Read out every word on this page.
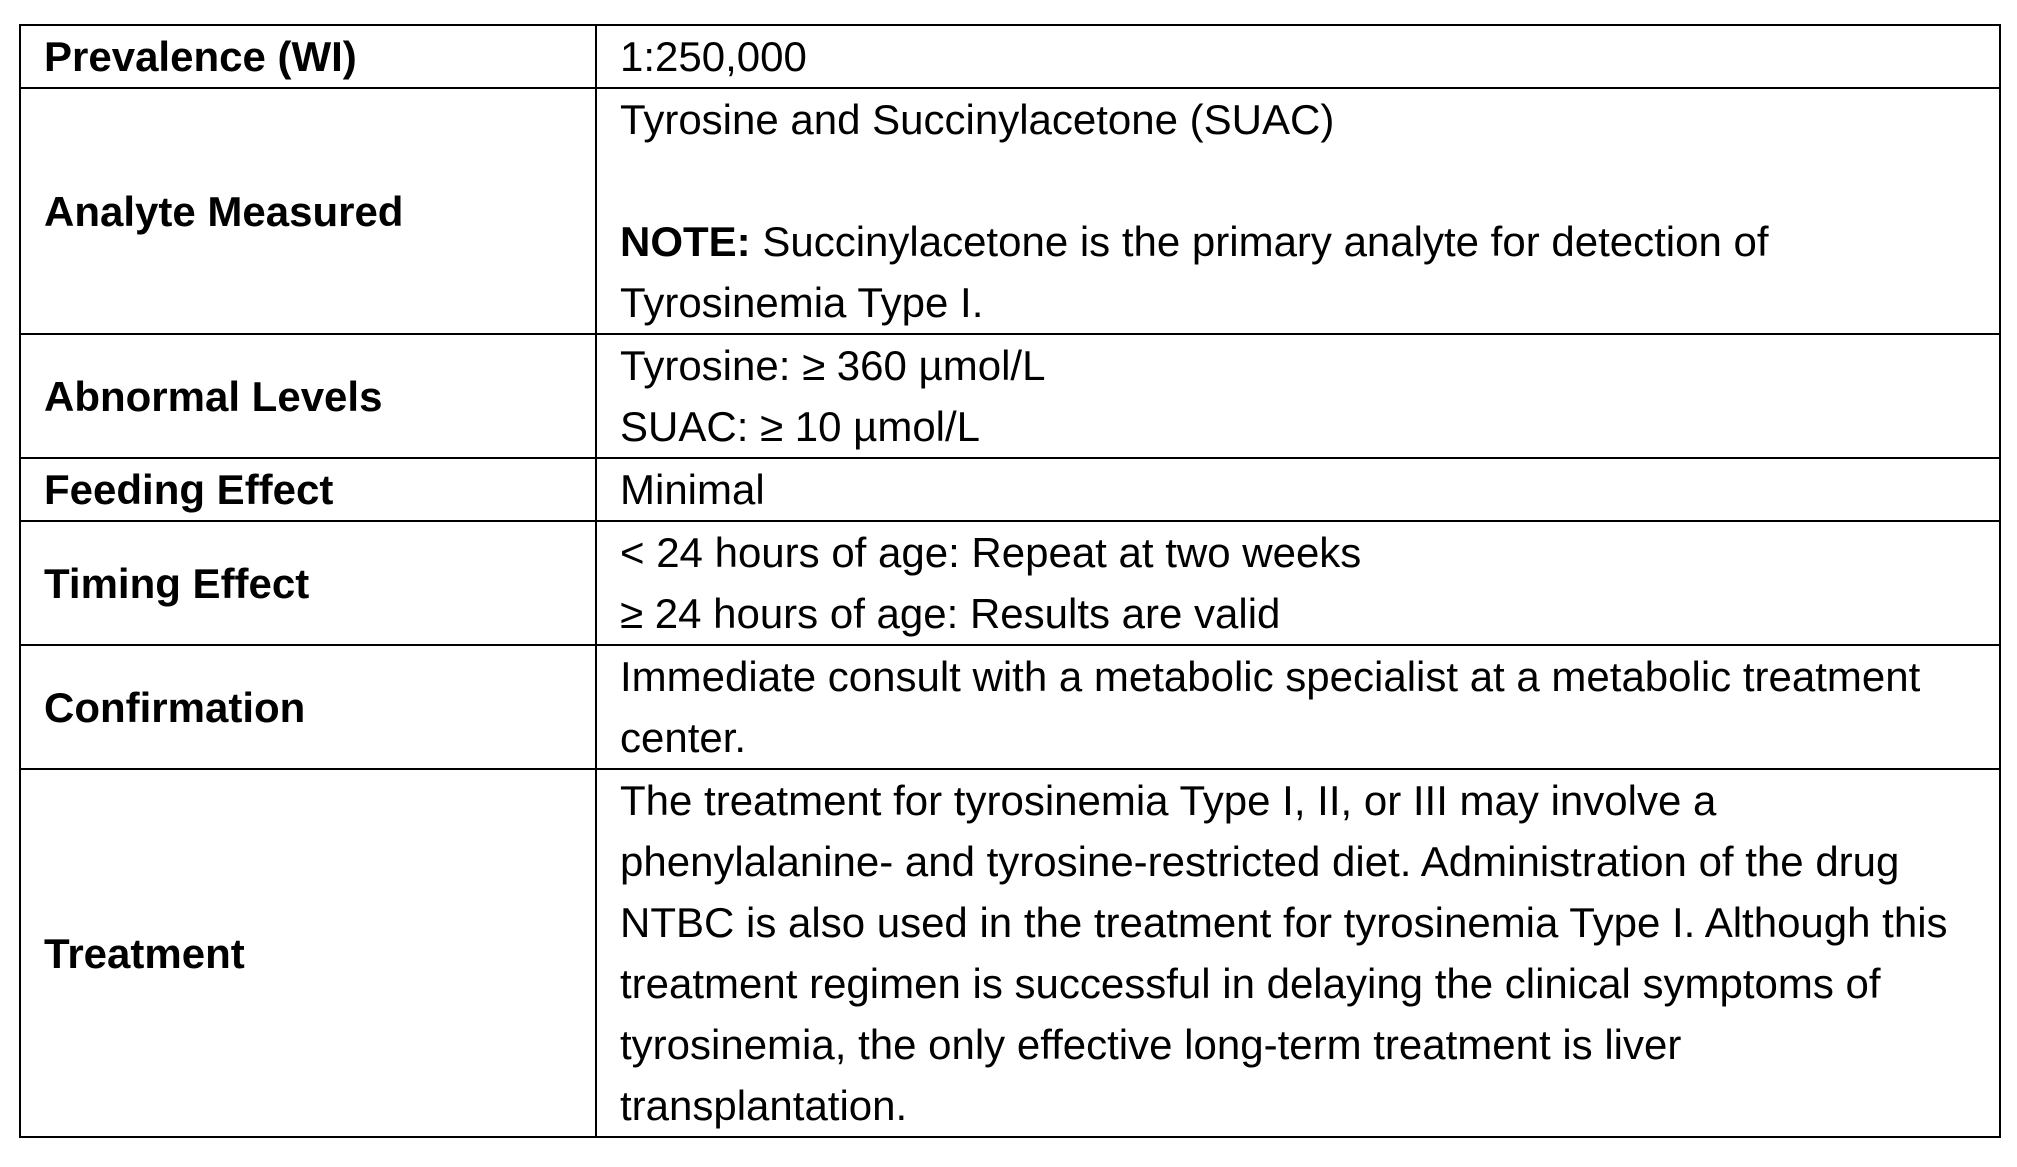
Prevalence (WI)	1:250,000

Analyte Measured	Tyrosine and Succinylacetone (SUAC)
NOTE: Succinylacetone is the primary analyte for detection of Tyrosinemia Type I.

Abnormal Levels	Tyrosine: ≥ 360 µmol/L
SUAC: ≥ 10 µmol/L

Feeding Effect	Minimal

Timing Effect	< 24 hours of age: Repeat at two weeks
≥ 24 hours of age: Results are valid

Confirmation	Immediate consult with a metabolic specialist at a metabolic treatment center.

Treatment	The treatment for tyrosinemia Type I, II, or III may involve a phenylalanine- and tyrosine-restricted diet. Administration of the drug NTBC is also used in the treatment for tyrosinemia Type I. Although this treatment regimen is successful in delaying the clinical symptoms of tyrosinemia, the only effective long-term treatment is liver transplantation.
